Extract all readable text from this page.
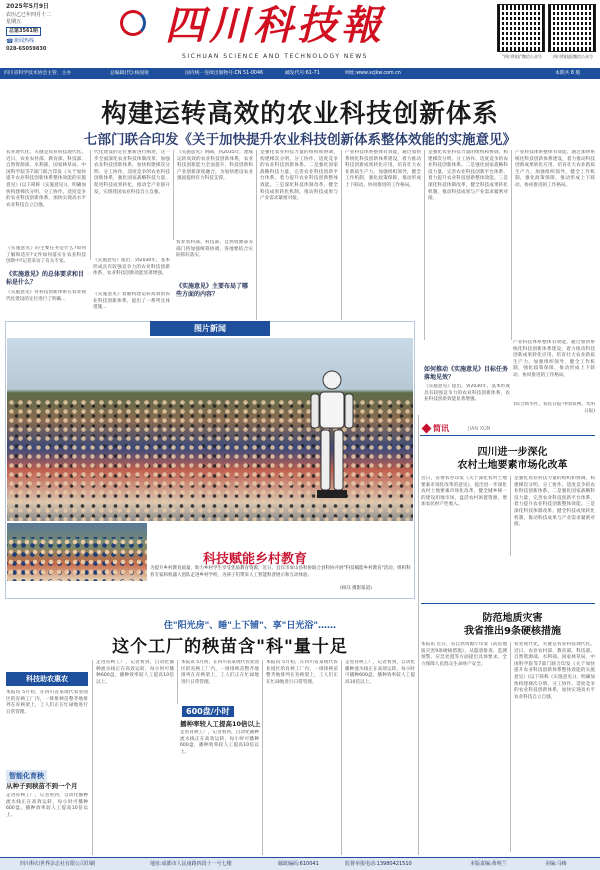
2025年5月9日
农历乙巳年四月十二
星期五
总第3561期
新闻热线
☎
028-65059830	四川科技報
SICHUAN SCIENCE AND TECHNOLOGY NEWS	"四川科技"微信公众号	四川科技报微信公众号
四川省科学技术协会主管、主办	总编辑(代):杨国梁	国内统一连续出版物号:CN 51-0046	邮发代号:61-71	网址:www.scjkw.com.cn	本期共 8 版
构建运转高效的农业科技创新体系
七部门联合印发《关于加快提升农业科技创新体系整体效能的实施意见》
农业现代化，关键是农业科技现代化。近日，农业农村部、教育部、科技部、自然资源部、水利部、国家林草局、中国科学院等7部门联合印发《关于加快提升农业科技创新体系整体效能的实施意见》(以下简称《实施意见》)，明确加快构建梯次分明、分工协作、适度竞争的农业科技创新体系，加快实现高水平农业科技自立自强。
《实施意见》的主要任务是什么?如何了解和适应?文件如何落实在农业科技创新中?记者采访了有关专家。
《实施意见》的总体要求和目标是什么？
《实施意见》对科技创新体系在农业现代化建设的定位进行了明确…
代化建设的定位重新进行阐述，这一步全面深化农业科技体制改革，加强农业科技创新体系，加快构建梯次分明、分工协作、适度竞争的农业科技创新体系，强化国家战略科技力量，促进科技成果转化，推动全产业链开发，实现我国农业科技自立自强。
《实施意见》提出，到2030年，基本形成具有较强竞争力的农业科技创新体系，农业科技创新效能显著增强。
《实施意见》着眼构建运转高效的农业科技创新体系，提出了一系列具体措施…
《实施意见》明确，到2035年，建成运转高效的农业科技创新体系，农业科技创新能力全面提升，科技创新和产业创新深度融合，为加快建设农业强国提供有力科技支撑。
《实施意见》主要布局了哪些方面的内容？
农业农村部、科技部、自然资源部等部门将加强统筹协调，各地要结合实际抓好落实。
是强化农业科技力量的组织和协调，构建梯次分明、分工协作、适度竞争的农业科技创新体系。二是强化国家战略科技力量，完善农业科技创新平台体系，着力提升农业科技创新整体效能。三是深化科技体制改革，健全科技成果转化机制，推动科技成果与产业需求紧密对接。
产业科技体系整体有效能，通过加快系统化科技创新体系建设，着力推动科技创新成果转化应用，培育壮大农业新质生产力。加强组织领导，健全工作机制，强化政策保障，推动形成上下联动、协同推进的工作格局。
是强化农业科技力量的组织和协调，构建梯次分明、分工协作、适度竞争的农业科技创新体系。二是强化国家战略科技力量，完善农业科技创新平台体系，着力提升农业科技创新整体效能。三是深化科技体制改革，健全科技成果转化机制，推动科技成果与产业需求紧密对接。
产业科技体系整体有效能，通过加快系统化科技创新体系建设，着力推动科技创新成果转化应用，培育壮大农业新质生产力。加强组织领导，健全工作机制，强化政策保障，推动形成上下联动、协同推进的工作格局。
如何推动《实施意见》目标任务落地见效？
《实施意见》提出，到2030年，基本形成具有较强竞争力的农业科技创新体系，农业科技创新效能显著增强。
产业科技体系整体有效能，通过加快系统化科技创新体系建设，着力推动科技创新成果转化应用，培育壮大农业新质生产力。加强组织领导，健全工作机制，强化政策保障，推动形成上下联动、协同推进的工作格局。
(综合新华社、农民日报·中国农网、光明日报)
图片新闻
科技赋能乡村教育
为提升乡村教育质量，助力乡村学生享受优质教育资源，近日，宜宾市屏山县科协联合县科协开展"科技赋能乡村教育"活动，组织科普专家和机器人团队走进乡村学校，为孩子们带来人工智能科普展示和互动体验。
(杨珏 摄影报道)
简讯	JIAN XUN
四川进一步深化
农村土地要素市场化改革
近日，省委农办印发《关于深化农村土地要素市场化改革的意见》，提出进一步深化农村土地要素市场化改革，健全城乡统一的建设用地市场，盘活农村闲置资源，增加农民财产性收入。
是强化农业科技力量的组织和协调，构建梯次分明、分工协作、适度竞争的农业科技创新体系。二是强化国家战略科技力量，完善农业科技创新平台体系，着力提升农业科技创新整体效能。三是深化科技体制改革，健全科技成果转化机制，推动科技成果与产业需求紧密对接。
防范地质灾害
我省推出9条硬核措施
本报讯 近日，省自然资源厅印发《防范地质灾害9条硬核措施》，从隐患排查、监测预警、应急处置等方面提出具体要求，全力保障人民群众生命财产安全。
农业现代化，关键是农业科技现代化。近日，农业农村部、教育部、科技部、自然资源部、水利部、国家林草局、中国科学院等7部门联合印发《关于加快提升农业科技创新体系整体效能的实施意见》(以下简称《实施意见》)，明确加快构建梯次分明、分工协作、适度竞争的农业科技创新体系，加快实现高水平农业科技自立自强。
住"阳光房"、睡"上下铺"、享"日光浴"……
这个工厂的秧苗含"科"量十足
科技助农惠农
本报讯 5月初，在四川省某现代农业园区的育秧工厂内，一排排秧苗整齐地排列在育秧架上，工人们正在忙碌地进行日常管理。
智能化育秧
从种子到秧苗不到一个月
走进育秧工厂，记者看到，自动化播种流水线正在高效运转，每小时可播种600盘，播种效率较人工提高10倍以上。
走进育秧工厂，记者看到，自动化播种流水线正在高效运转，每小时可播种600盘，播种效率较人工提高10倍以上。
本报讯 5月初，在四川省某现代农业园区的育秧工厂内，一排排秧苗整齐地排列在育秧架上，工人们正在忙碌地进行日常管理。
600盘/小时
播种率较人工提高10倍以上
走进育秧工厂，记者看到，自动化播种流水线正在高效运转，每小时可播种600盘，播种效率较人工提高10倍以上。
本报讯 5月初，在四川省某现代农业园区的育秧工厂内，一排排秧苗整齐地排列在育秧架上，工人们正在忙碌地进行日常管理。
走进育秧工厂，记者看到，自动化播种流水线正在高效运转，每小时可播种600盘，播种效率较人工提高10倍以上。
四川科幻世界杂志社有限公司印刷	地址:成都市人民南路四段十一号七楼	邮政编码:610041	监督举报电话:13980421510	本版责编:黄明兰	美编:马梅
